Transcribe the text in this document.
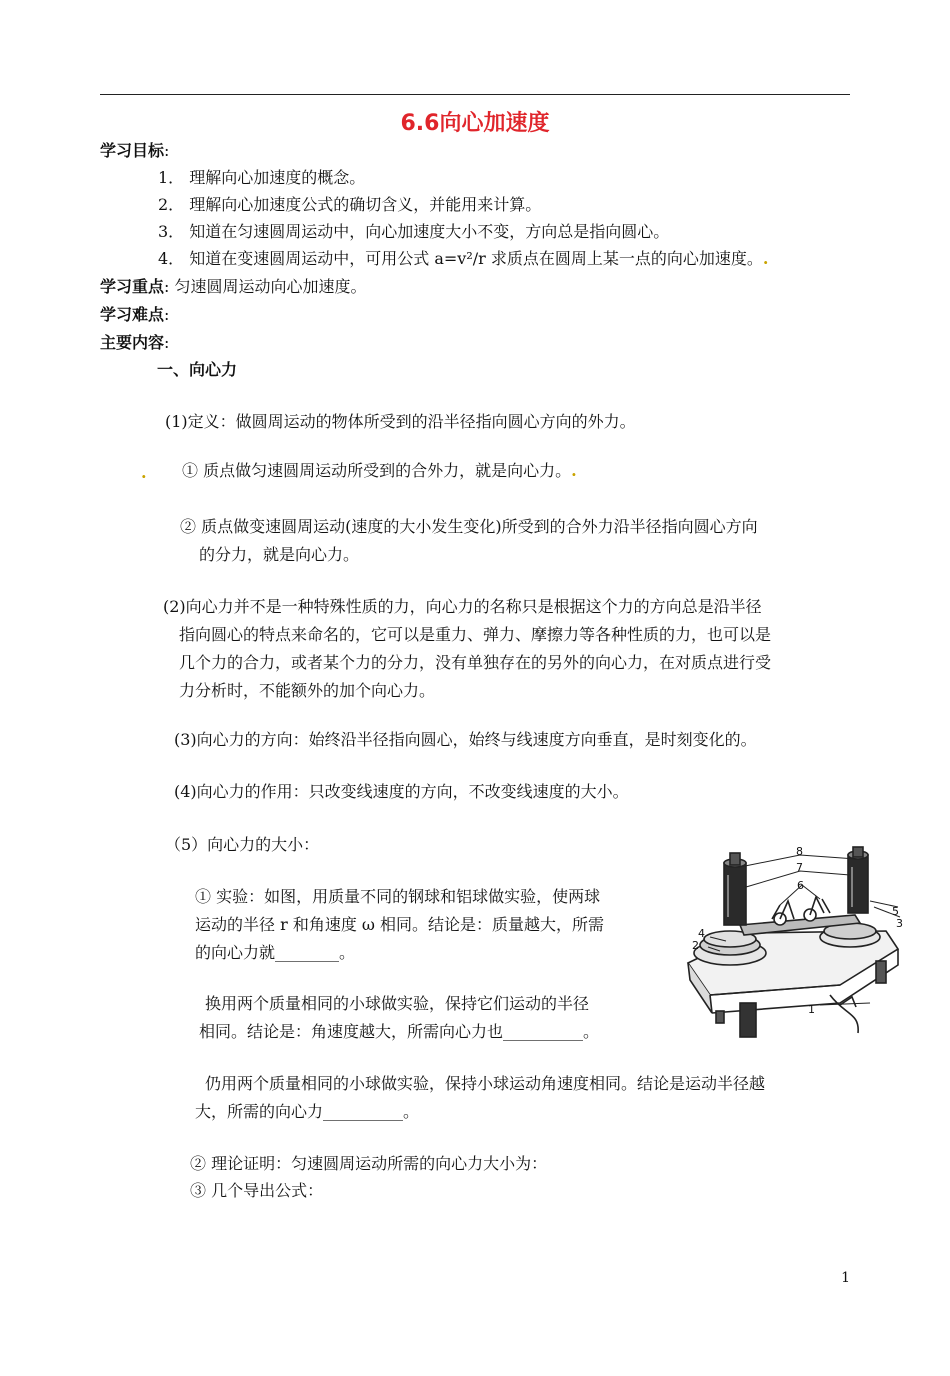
6.6向心加速度
学习目标:
1． 理解向心加速度的概念。
2． 理解向心加速度公式的确切含义，并能用来计算。
3． 知道在匀速圆周运动中，向心加速度大小不变，方向总是指向圆心。
4． 知道在变速圆周运动中，可用公式 a=v²/r 求质点在圆周上某一点的向心加速度。.
学习重点: 匀速圆周运动向心加速度。
学习难点:
主要内容:
一、向心力
(1)定义：做圆周运动的物体所受到的沿半径指向圆心方向的外力。
. ① 质点做匀速圆周运动所受到的合外力，就是向心力。.
② 质点做变速圆周运动(速度的大小发生变化)所受到的合外力沿半径指向圆心方向
的分力，就是向心力。
(2)向心力并不是一种特殊性质的力，向心力的名称只是根据这个力的方向总是沿半径
指向圆心的特点来命名的，它可以是重力、弹力、摩擦力等各种性质的力，也可以是
几个力的合力，或者某个力的分力，没有单独存在的另外的向心力，在对质点进行受
力分析时，不能额外的加个向心力。
(3)向心力的方向：始终沿半径指向圆心，始终与线速度方向垂直，是时刻变化的。
(4)向心力的作用：只改变线速度的方向，不改变线速度的大小。
（5）向心力的大小：
① 实验：如图，用质量不同的钢球和铝球做实验，使两球
运动的半径 r 和角速度 ω 相同。结论是：质量越大，所需
的向心力就________。
换用两个质量相同的小球做实验，保持它们运动的半径
相同。结论是：角速度越大，所需向心力也__________。
仍用两个质量相同的小球做实验，保持小球运动角速度相同。结论是运动半径越
大，所需的向心力__________。
② 理论证明：匀速圆周运动所需的向心力大小为：
③ 几个导出公式：
8
7
6
5
3
4
2
1
1
